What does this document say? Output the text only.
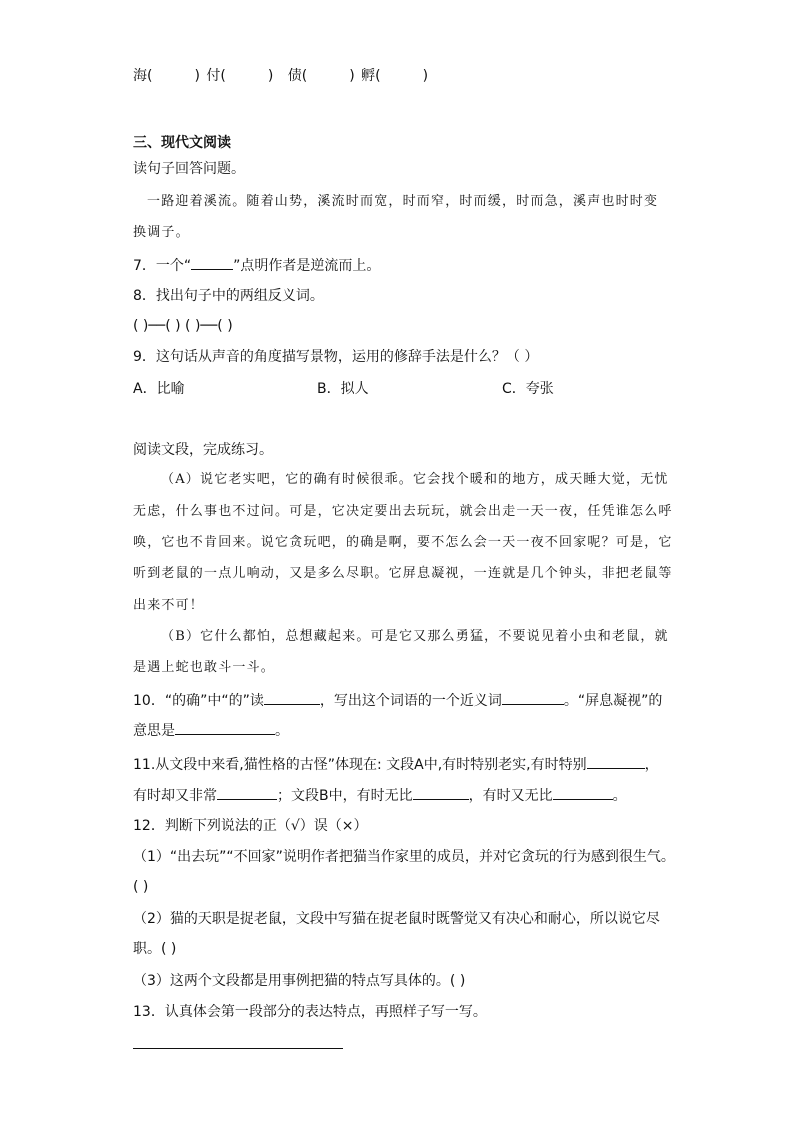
海(	) 付(	) 债(	) 孵(	)
三、现代文阅读
读句子回答问题。
一路迎着溪流。随着山势，溪流时而宽，时而窄，时而缓，时而急，溪声也时时变
换调子。
7．一个“	”点明作者是逆流而上。
8．找出句子中的两组反义词。
( )──( ) ( )──( )
9．这句话从声音的角度描写景物，运用的修辞手法是什么？（ ）
A．比喻	B．拟人	C．夸张
阅读文段，完成练习。
（A）说它老实吧，它的确有时候很乖。它会找个暖和的地方，成天睡大觉，无忧
无虑，什么事也不过问。可是，它决定要出去玩玩，就会出走一天一夜，任凭谁怎么呼
唤，它也不肯回来。说它贪玩吧，的确是啊，要不怎么会一天一夜不回家呢？可是，它
听到老鼠的一点儿响动，又是多么尽职。它屏息凝视，一连就是几个钟头，非把老鼠等
出来不可！
（B）它什么都怕，总想藏起来。可是它又那么勇猛，不要说见着小虫和老鼠，就
是遇上蛇也敢斗一斗。
10．“的确”中“的”读	，写出这个词语的一个近义词	。“屏息凝视”的
意思是	。
11.从文段中来看,猫性格的古怪”体现在: 文段A中,有时特别老实,有时特别	，
有时却又非常	；文段B中，有时无比	，有时又无比	。
12．判断下列说法的正（√）误（×）
（1）“出去玩”“不回家”说明作者把猫当作家里的成员，并对它贪玩的行为感到很生气。
( )
（2）猫的天职是捉老鼠，文段中写猫在捉老鼠时既警觉又有决心和耐心，所以说它尽
职。( )
（3）这两个文段都是用事例把猫的特点写具体的。( )
13．认真体会第一段部分的表达特点，再照样子写一写。
